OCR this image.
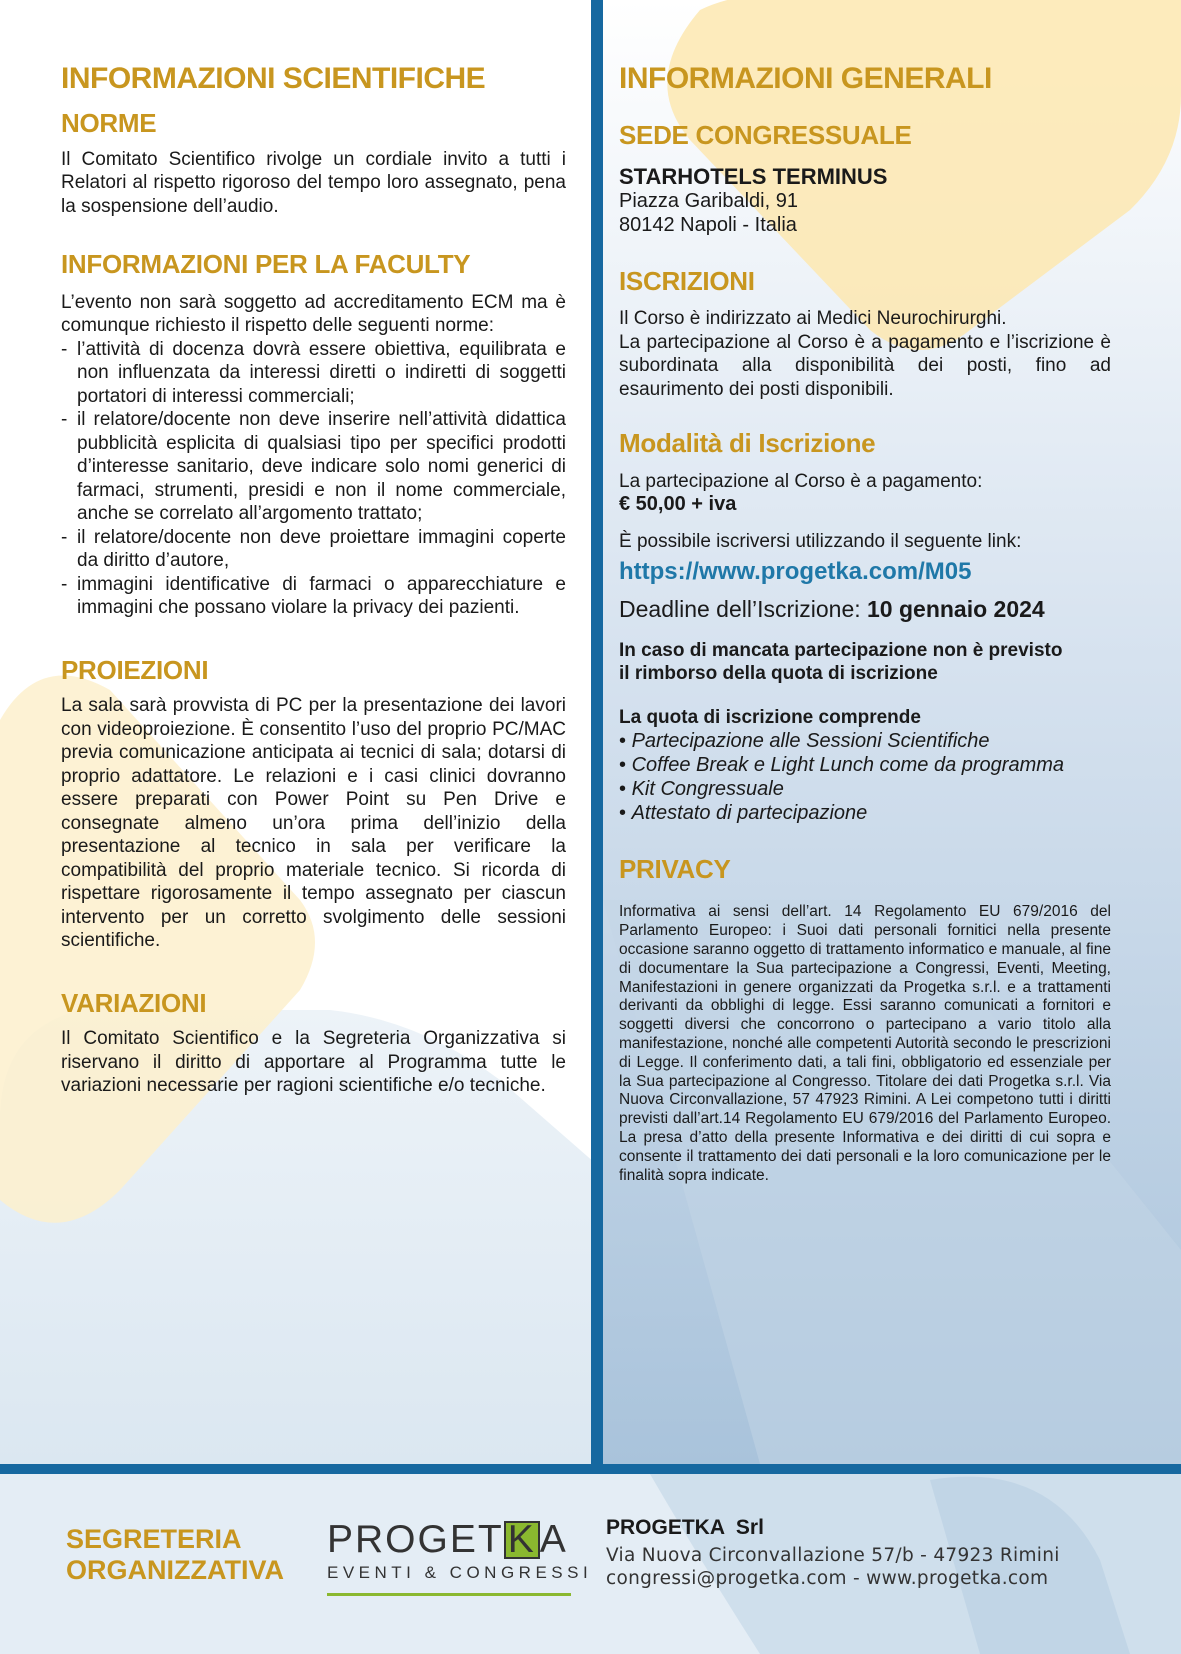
INFORMAZIONI SCIENTIFICHE
NORME

Il Comitato Scientifico rivolge un cordiale invito a tutti i Relatori al rispetto rigoroso del tempo loro assegnato, pena la sospensione dell’audio.

INFORMAZIONI PER LA FACULTY

L’evento non sarà soggetto ad accreditamento ECM ma è comunque richiesto il rispetto delle seguenti norme:

- l’attività di docenza dovrà essere obiettiva, equilibrata e non influenzata da interessi diretti o indiretti di soggetti portatori di interessi commerciali;
- il relatore/docente non deve inserire nell’attività didattica pubblicità esplicita di qualsiasi tipo per specifici prodotti d’interesse sanitario, deve indicare solo nomi generici di farmaci, strumenti, presidi e non il nome commerciale, anche se correlato all’argomento trattato;
- il relatore/docente non deve proiettare immagini coperte da diritto d’autore,
- immagini identificative di farmaci o apparecchiature e immagini che possano violare la privacy dei pazienti.
PROIEZIONI

La sala sarà provvista di PC per la presentazione dei lavori con videoproiezione. È consentito l’uso del proprio PC/MAC previa comunicazione anticipata ai tecnici di sala; dotarsi di proprio adattatore. Le relazioni e i casi clinici dovranno essere preparati con Power Point su Pen Drive e consegnate almeno un’ora prima dell’inizio della presentazione al tecnico in sala per verificare la compatibilità del proprio materiale tecnico. Si ricorda di rispettare rigorosamente il tempo assegnato per ciascun intervento per un corretto svolgimento delle sessioni scientifiche.

VARIAZIONI

Il Comitato Scientifico e la Segreteria Organizzativa si riservano il diritto di apportare al Programma tutte le variazioni necessarie per ragioni scientifiche e/o tecniche.

INFORMAZIONI GENERALI
SEDE CONGRESSUALE

STARHOTELS TERMINUS

Piazza Garibaldi, 91

80142 Napoli - Italia

ISCRIZIONI

Il Corso è indirizzato ai Medici Neurochirurghi.

La partecipazione al Corso è a pagamento e l’iscrizione è subordinata alla disponibilità dei posti, fino ad esaurimento dei posti disponibili.

Modalità di Iscrizione

La partecipazione al Corso è a pagamento:

€ 50,00 + iva

È possibile iscriversi utilizzando il seguente link:

https://www.progetka.com/M05

Deadline dell’Iscrizione: 10 gennaio 2024

In caso di mancata partecipazione non è previsto
il rimborso della quota di iscrizione

La quota di iscrizione comprende

• Partecipazione alle Sessioni Scientifiche
• Coffee Break e Light Lunch come da programma
• Kit Congressuale
• Attestato di partecipazione
PRIVACY

Informativa ai sensi dell’art. 14 Regolamento EU 679/2016 del Parlamento Europeo: i Suoi dati personali fornitici nella presente occasione saranno oggetto di trattamento informatico e manuale, al fine di documentare la Sua partecipazione a Congressi, Eventi, Meeting, Manifestazioni in genere organizzati da Progetka s.r.l. e a trattamenti derivanti da obblighi di legge. Essi saranno comunicati a fornitori e soggetti diversi che concorrono o partecipano a vario titolo alla manifestazione, nonché alle competenti Autorità secondo le prescrizioni di Legge. Il conferimento dati, a tali fini, obbligatorio ed essenziale per la Sua partecipazione al Congresso. Titolare dei dati Progetka s.r.l. Via Nuova Circonvallazione, 57 47923 Rimini. A Lei competono tutti i diritti previsti dall’art.14 Regolamento EU 679/2016 del Parlamento Europeo. La presa d’atto della presente Informativa e dei diritti di cui sopra e consente il trattamento dei dati personali e la loro comunicazione per le finalità sopra indicate.

SEGRETERIA
ORGANIZZATIVA
PROGET K A
EVENTI & CONGRESSI

PROGETKA  Srl

Via Nuova Circonvallazione 57/b - 47923 Rimini

congressi@progetka.com - www.progetka.com
